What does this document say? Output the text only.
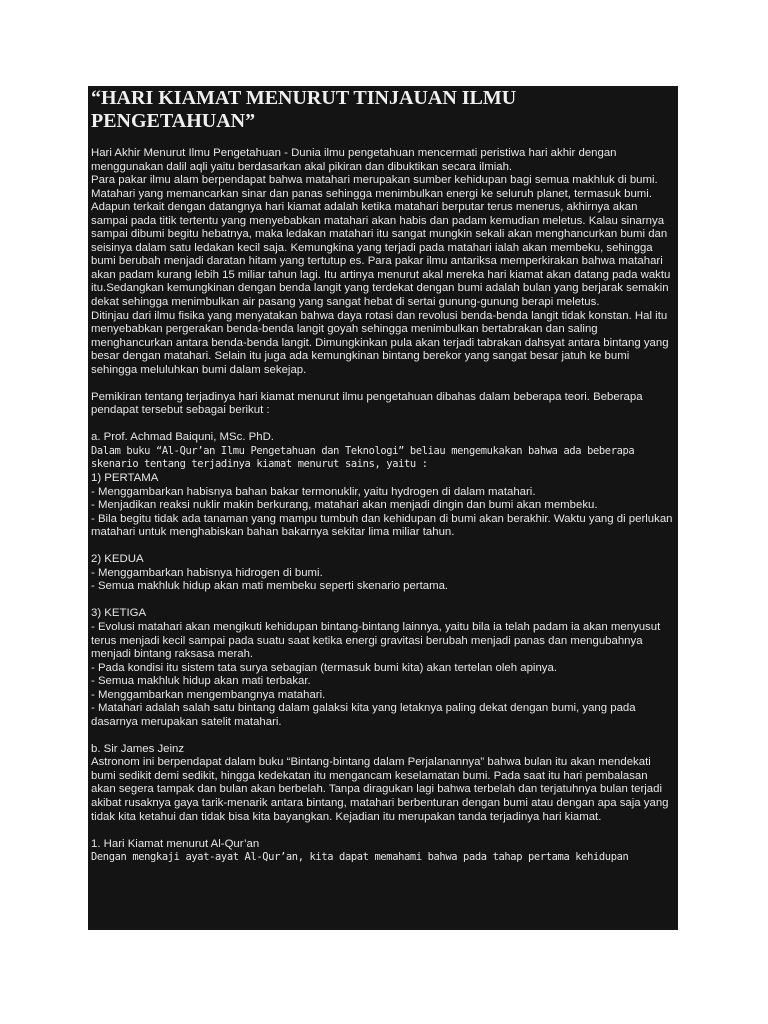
“HARI KIAMAT MENURUT TINJAUAN ILMU PENGETAHUAN”

Hari Akhir Menurut Ilmu Pengetahuan - Dunia ilmu pengetahuan mencermati peristiwa hari akhir dengan menggunakan dalil aqli yaitu berdasarkan akal pikiran dan dibuktikan secara ilmiah.

Para pakar ilmu alam berpendapat bahwa matahari merupakan sumber kehidupan bagi semua makhluk di bumi. Matahari yang memancarkan sinar dan panas sehingga menimbulkan energi ke seluruh planet, termasuk bumi. Adapun terkait dengan datangnya hari kiamat adalah ketika matahari berputar terus menerus, akhirnya akan sampai pada titik tertentu yang menyebabkan matahari akan habis dan padam kemudian meletus. Kalau sinarnya sampai dibumi begitu hebatnya, maka ledakan matahari itu sangat mungkin sekali akan menghancurkan bumi dan seisinya dalam satu ledakan kecil saja. Kemungkina yang terjadi pada matahari ialah akan membeku, sehingga bumi berubah menjadi daratan hitam yang tertutup es. Para pakar ilmu antariksa memperkirakan bahwa matahari akan padam kurang lebih 15 miliar tahun lagi. Itu artinya menurut akal mereka hari kiamat akan datang pada waktu itu.Sedangkan kemungkinan dengan benda langit yang terdekat dengan bumi adalah bulan yang berjarak semakin dekat sehingga menimbulkan air pasang yang sangat hebat di sertai gunung-gunung berapi meletus.

Ditinjau dari ilmu fisika yang menyatakan bahwa daya rotasi dan revolusi benda-benda langit tidak konstan. Hal itu menyebabkan pergerakan benda-benda langit goyah sehingga menimbulkan bertabrakan dan saling menghancurkan antara benda-benda langit. Dimungkinkan pula akan terjadi tabrakan dahsyat antara bintang yang besar dengan matahari. Selain itu juga ada kemungkinan bintang berekor yang sangat besar jatuh ke bumi sehingga meluluhkan bumi dalam sekejap.

Pemikiran tentang terjadinya hari kiamat menurut ilmu pengetahuan dibahas dalam beberapa teori. Beberapa pendapat tersebut sebagai berikut :

a. Prof. Achmad Baiquni, MSc. PhD.

Dalam buku “Al-Qur’an Ilmu Pengetahuan dan Teknologi” beliau mengemukakan bahwa ada beberapa skenario tentang terjadinya kiamat menurut sains, yaitu :

1) PERTAMA

- Menggambarkan habisnya bahan bakar termonuklir, yaitu hydrogen di dalam matahari.

- Menjadikan reaksi nuklir makin berkurang, matahari akan menjadi dingin dan bumi akan membeku.

- Bila begitu tidak ada tanaman yang mampu tumbuh dan kehidupan di bumi akan berakhir. Waktu yang di perlukan matahari untuk menghabiskan bahan bakarnya sekitar lima miliar tahun.

2) KEDUA

- Menggambarkan habisnya hidrogen di bumi.

- Semua makhluk hidup akan mati membeku seperti skenario pertama.

3) KETIGA

- Evolusi matahari akan mengikuti kehidupan bintang-bintang lainnya, yaitu bila ia telah padam ia akan menyusut terus menjadi kecil sampai pada suatu saat ketika energi gravitasi berubah menjadi panas dan mengubahnya menjadi bintang raksasa merah.

- Pada kondisi itu sistem tata surya sebagian (termasuk bumi kita) akan tertelan oleh apinya.

- Semua makhluk hidup akan mati terbakar.

- Menggambarkan mengembangnya matahari.

- Matahari adalah salah satu bintang dalam galaksi kita yang letaknya paling dekat dengan bumi, yang pada dasarnya merupakan satelit matahari.

b. Sir James Jeinz

Astronom ini berpendapat dalam buku “Bintang-bintang dalam Perjalanannya” bahwa bulan itu akan mendekati bumi sedikit demi sedikit, hingga kedekatan itu mengancam keselamatan bumi. Pada saat itu hari pembalasan akan segera tampak dan bulan akan berbelah. Tanpa diragukan lagi bahwa terbelah dan terjatuhnya bulan terjadi akibat rusaknya gaya tarik-menarik antara bintang, matahari berbenturan dengan bumi atau dengan apa saja yang tidak kita ketahui dan tidak bisa kita bayangkan. Kejadian itu merupakan tanda terjadinya hari kiamat.

1. Hari Kiamat menurut Al-Qur’an

Dengan mengkaji ayat-ayat Al-Qur’an, kita dapat memahami bahwa pada tahap pertama kehidupan
